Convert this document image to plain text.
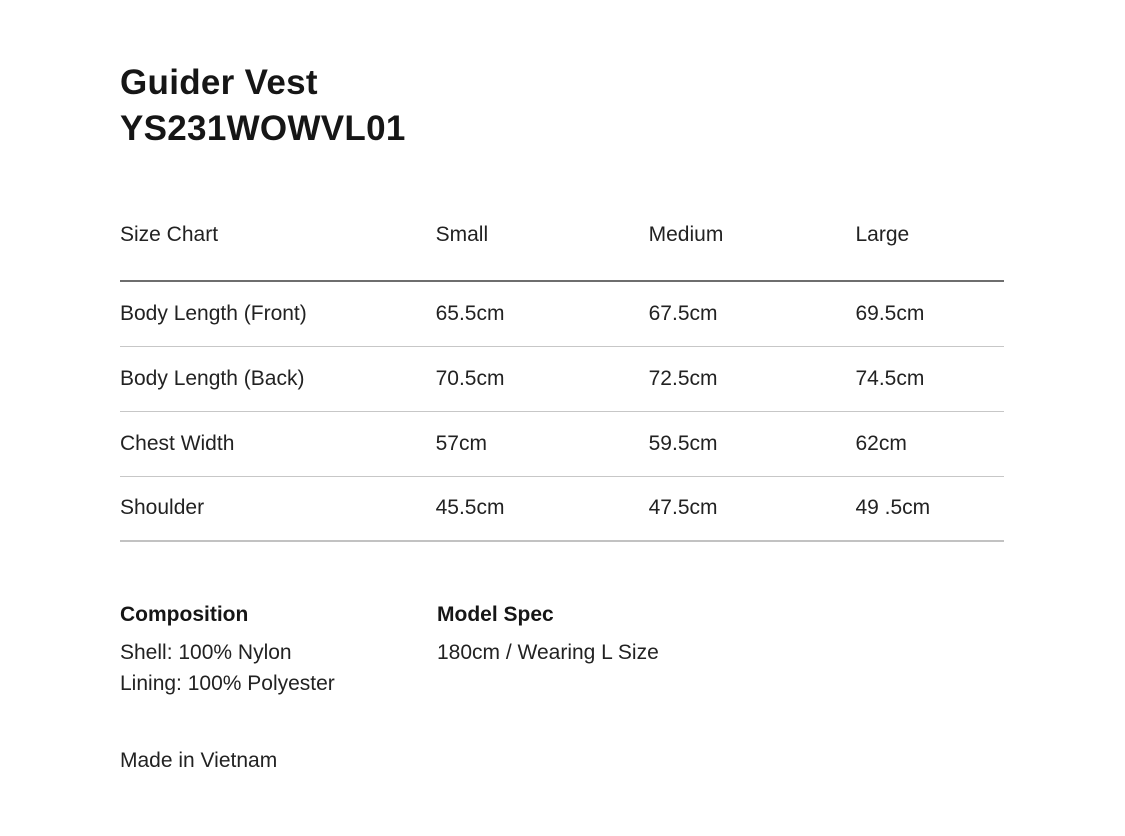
Guider Vest
YS231WOWVL01
Size Chart	Small	Medium	Large
Body Length (Front)	65.5cm	67.5cm	69.5cm
Body Length (Back)	70.5cm	72.5cm	74.5cm
Chest Width	57cm	59.5cm	62cm
Shoulder	45.5cm	47.5cm	49 .5cm
Composition
Shell: 100% Nylon
Lining: 100% Polyester
Model Spec
180cm / Wearing L Size
Made in Vietnam
